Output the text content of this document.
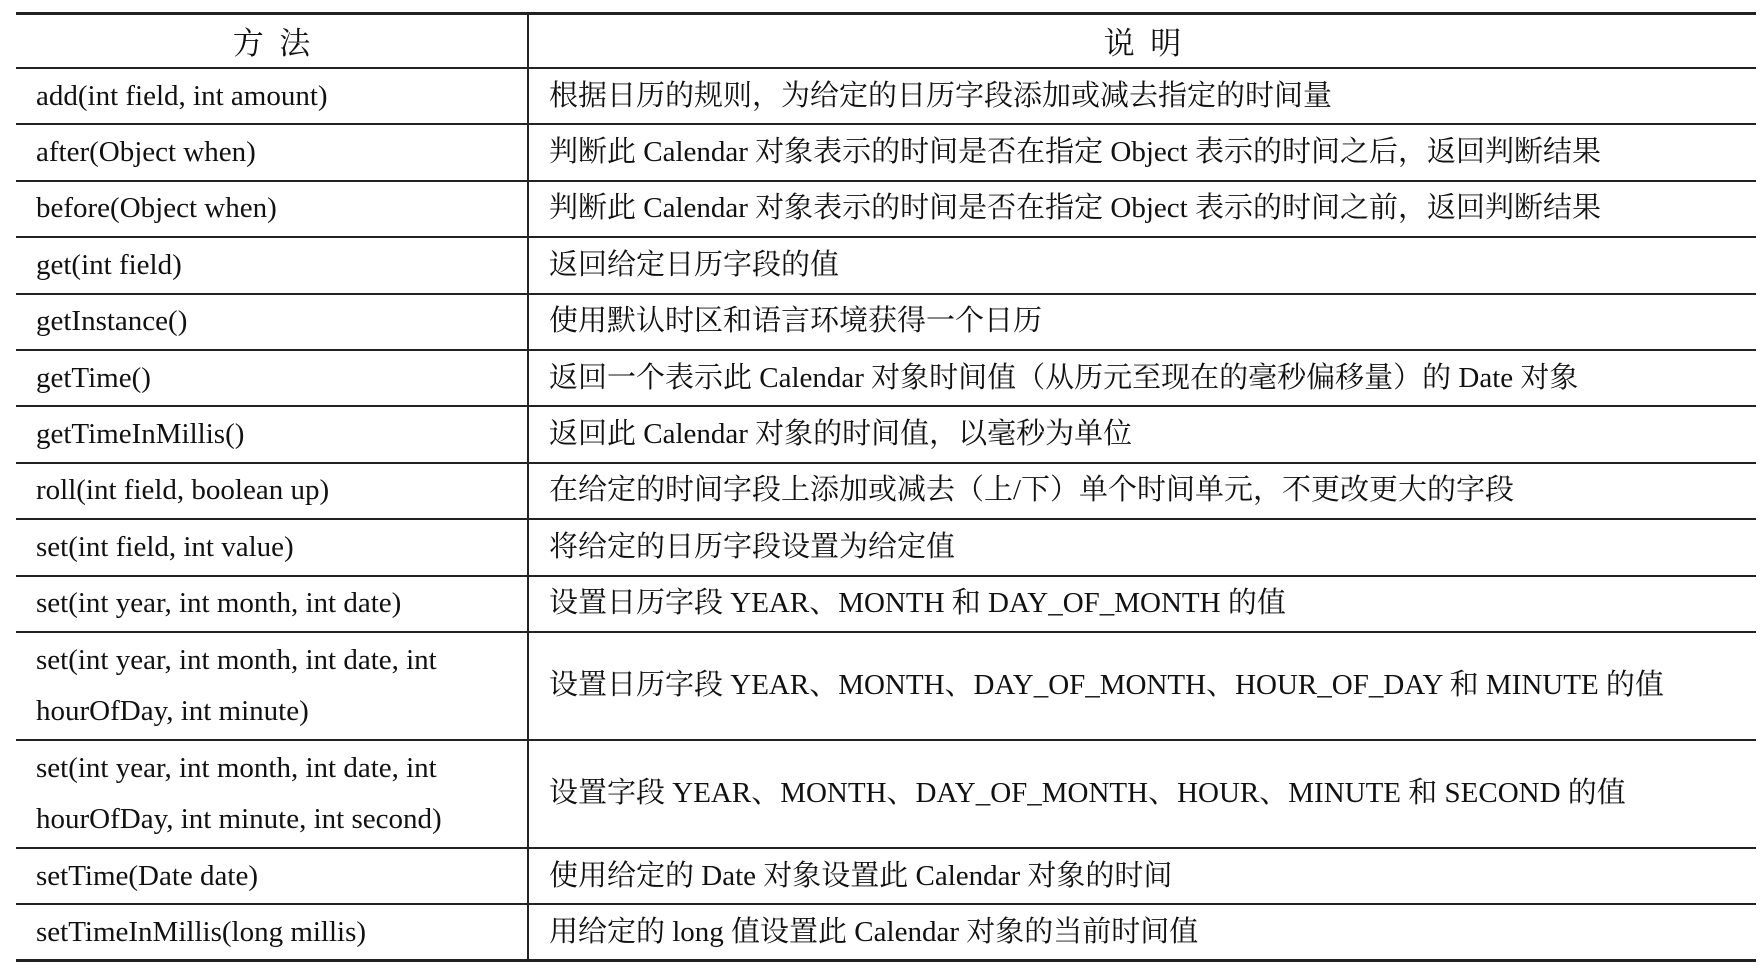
方  法	说  明
add(int field, int amount)	根据日历的规则，为给定的日历字段添加或减去指定的时间量
after(Object when)	判断此 Calendar 对象表示的时间是否在指定 Object 表示的时间之后，返回判断结果
before(Object when)	判断此 Calendar 对象表示的时间是否在指定 Object 表示的时间之前，返回判断结果
get(int field)	返回给定日历字段的值
getInstance()	使用默认时区和语言环境获得一个日历
getTime()	返回一个表示此 Calendar 对象时间值（从历元至现在的毫秒偏移量）的 Date 对象
getTimeInMillis()	返回此 Calendar 对象的时间值，以毫秒为单位
roll(int field, boolean up)	在给定的时间字段上添加或减去（上/下）单个时间单元，不更改更大的字段
set(int field, int value)	将给定的日历字段设置为给定值
set(int year, int month, int date)	设置日历字段 YEAR、MONTH 和 DAY_OF_MONTH 的值
set(int year, int month, int date, int hourOfDay, int minute)	设置日历字段 YEAR、MONTH、DAY_OF_MONTH、HOUR_OF_DAY 和 MINUTE 的值
set(int year, int month, int date, int hourOfDay, int minute, int second)	设置字段 YEAR、MONTH、DAY_OF_MONTH、HOUR、MINUTE 和 SECOND 的值
setTime(Date date)	使用给定的 Date 对象设置此 Calendar 对象的时间
setTimeInMillis(long millis)	用给定的 long 值设置此 Calendar 对象的当前时间值
